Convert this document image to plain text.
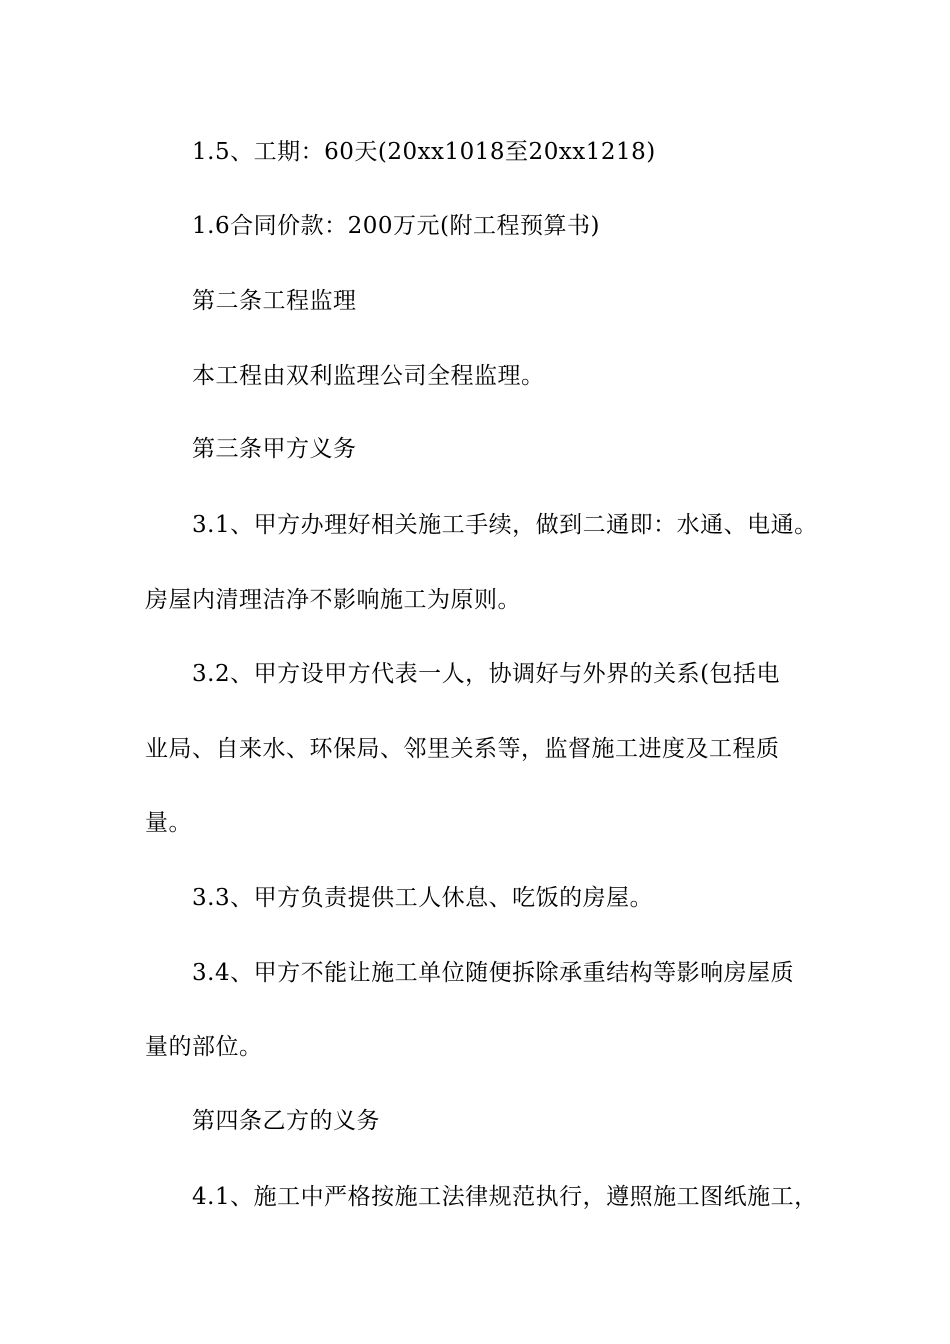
1.5、工期：60天(20xx1018至20xx1218)
1.6合同价款：200万元(附工程预算书)
第二条工程监理
本工程由双利监理公司全程监理。
第三条甲方义务
3.1、甲方办理好相关施工手续，做到二通即：水通、电通。
房屋内清理洁净不影响施工为原则。
3.2、甲方设甲方代表一人，协调好与外界的关系(包括电
业局、自来水、环保局、邻里关系等，监督施工进度及工程质
量。
3.3、甲方负责提供工人休息、吃饭的房屋。
3.4、甲方不能让施工单位随便拆除承重结构等影响房屋质
量的部位。
第四条乙方的义务
4.1、施工中严格按施工法律规范执行，遵照施工图纸施工，
